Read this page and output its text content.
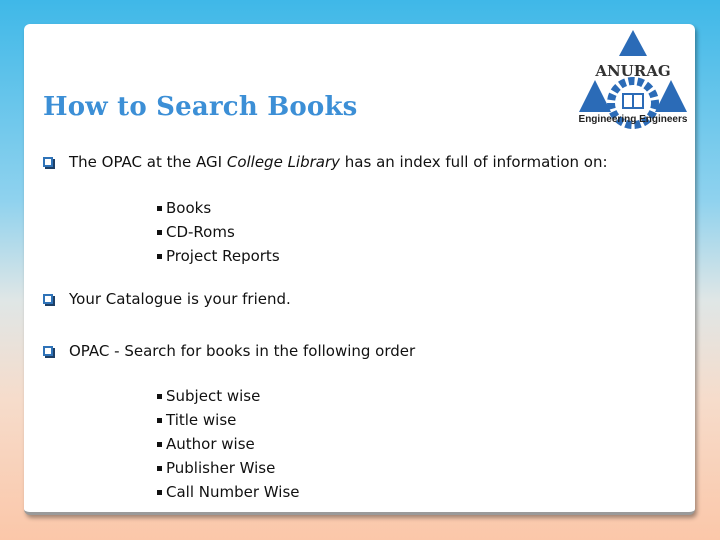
ANURAG
Engineering Engineers
How to Search Books
The OPAC at the AGI College Library has an index full of information on:
Books
CD-Roms
Project Reports
Your Catalogue is your friend.
OPAC - Search for books in the following order
Subject wise
Title wise
Author wise
Publisher Wise
Call Number Wise
